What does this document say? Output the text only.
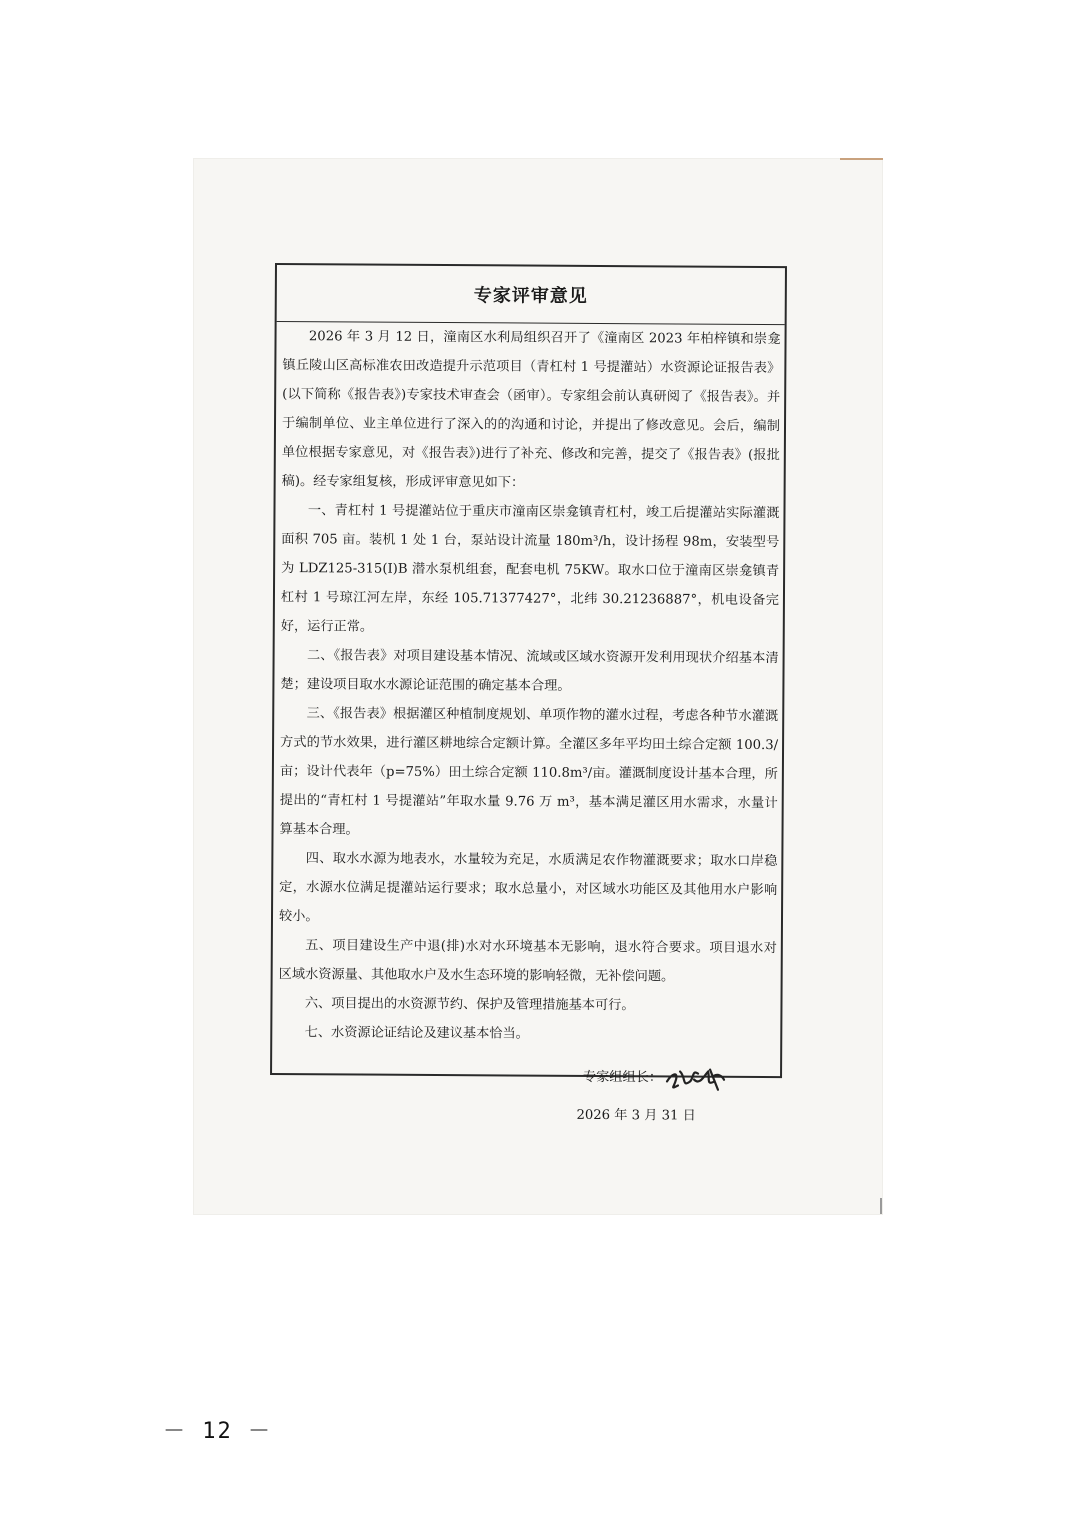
专家评审意见

2026 年 3 月 12 日，潼南区水利局组织召开了《潼南区 2023 年柏梓镇和崇龛镇丘陵山区高标准农田改造提升示范项目（青杠村 1 号提灌站）水资源论证报告表》(以下简称《报告表》)专家技术审查会（函审）。专家组会前认真研阅了《报告表》。并于编制单位、业主单位进行了深入的的沟通和讨论，并提出了修改意见。会后，编制单位根据专家意见，对《报告表》)进行了补充、修改和完善，提交了《报告表》(报批稿)。经专家组复核，形成评审意见如下：

一、青杠村 1 号提灌站位于重庆市潼南区崇龛镇青杠村，竣工后提灌站实际灌溉面积 705 亩。装机 1 处 1 台，泵站设计流量 180m³/h，设计扬程 98m，安装型号为 LDZ125-315(I)B 潜水泵机组套，配套电机 75KW。取水口位于潼南区崇龛镇青杠村 1 号琼江河左岸，东经 105.71377427°，北纬 30.21236887°，机电设备完好，运行正常。

二、《报告表》对项目建设基本情况、流域或区域水资源开发利用现状介绍基本清楚；建设项目取水水源论证范围的确定基本合理。

三、《报告表》根据灌区种植制度规划、单项作物的灌水过程，考虑各种节水灌溉方式的节水效果，进行灌区耕地综合定额计算。全灌区多年平均田土综合定额 100.3/亩；设计代表年（p=75%）田土综合定额 110.8m³/亩。灌溉制度设计基本合理，所提出的“青杠村 1 号提灌站”年取水量 9.76 万 m³，基本满足灌区用水需求，水量计算基本合理。

四、取水水源为地表水，水量较为充足，水质满足农作物灌溉要求；取水口岸稳定，水源水位满足提灌站运行要求；取水总量小，对区域水功能区及其他用水户影响较小。

五、项目建设生产中退(排)水对水环境基本无影响，退水符合要求。项目退水对区域水资源量、其他取水户及水生态环境的影响轻微，无补偿问题。

六、项目提出的水资源节约、保护及管理措施基本可行。

七、水资源论证结论及建议基本恰当。

专家组组长：
2026 年 3 月 31 日
－ 12 －
